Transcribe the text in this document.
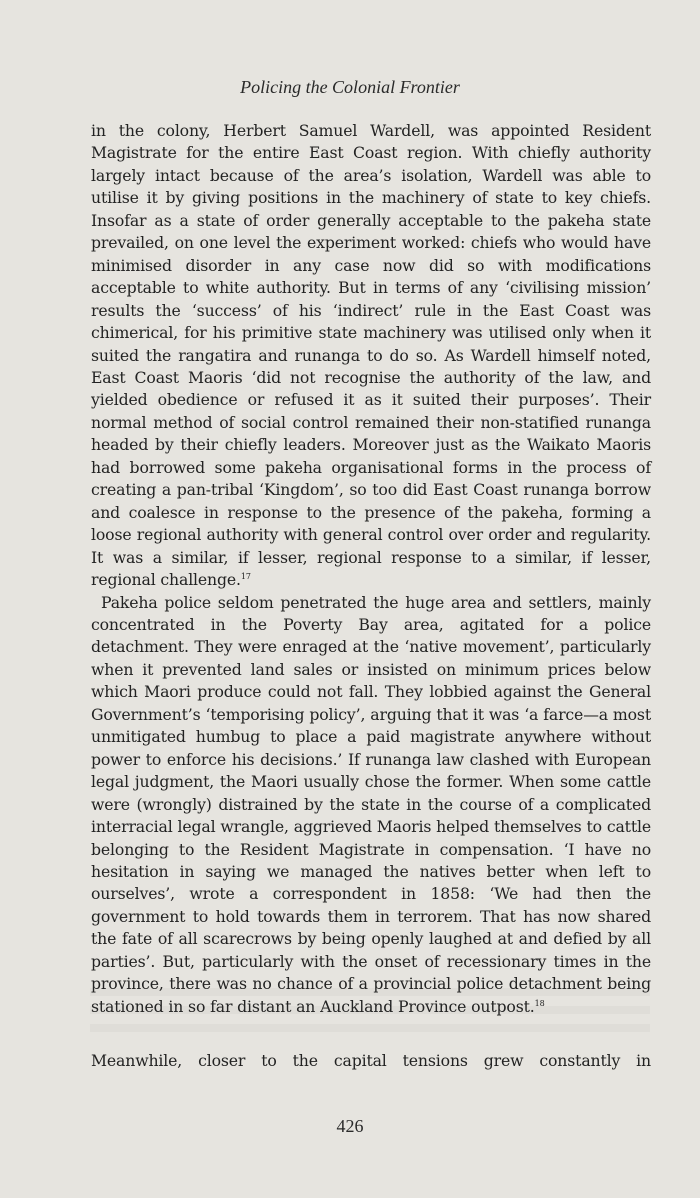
Policing the Colonial Frontier

in the colony, Herbert Samuel Wardell, was appointed Resident Magistrate for the entire East Coast region. With chiefly authority largely intact because of the area’s isolation, Wardell was able to utilise it by giving positions in the machinery of state to key chiefs. Insofar as a state of order generally acceptable to the pakeha state prevailed, on one level the experiment worked: chiefs who would have minimised disorder in any case now did so with modifications acceptable to white authority. But in terms of any ‘civilising mission’ results the ‘success’ of his ‘indirect’ rule in the East Coast was chimerical, for his primitive state machinery was utilised only when it suited the rangatira and runanga to do so. As Wardell himself noted, East Coast Maoris ‘did not recognise the authority of the law, and yielded obedience or refused it as it suited their purposes’. Their normal method of social control remained their non-statified runanga headed by their chiefly leaders. Moreover just as the Waikato Maoris had borrowed some pakeha organisational forms in the process of creating a pan-tribal ‘Kingdom’, so too did East Coast runanga borrow and coalesce in response to the presence of the pakeha, forming a loose regional authority with general control over order and regularity. It was a similar, if lesser, regional response to a similar, if lesser, regional challenge.$^{17}$

Pakeha police seldom penetrated the huge area and settlers, mainly concentrated in the Poverty Bay area, agitated for a police detachment. They were enraged at the ‘native movement’, particularly when it prevented land sales or insisted on minimum prices below which Maori produce could not fall. They lobbied against the General Government’s ‘temporising policy’, arguing that it was ‘a farce—a most unmitigated humbug to place a paid magistrate anywhere without power to enforce his decisions.’ If runanga law clashed with European legal judgment, the Maori usually chose the former. When some cattle were (wrongly) distrained by the state in the course of a complicated interracial legal wrangle, aggrieved Maoris helped themselves to cattle belonging to the Resident Magistrate in compensation. ‘I have no hesitation in saying we managed the natives better when left to ourselves’, wrote a correspondent in 1858: ‘We had then the government to hold towards them in terrorem. That has now shared the fate of all scarecrows by being openly laughed at and defied by all parties’. But, particularly with the onset of recessionary times in the province, there was no chance of a provincial police detachment being stationed in so far distant an Auckland Province outpost.$^{18}$

Meanwhile, closer to the capital tensions grew constantly in
426
